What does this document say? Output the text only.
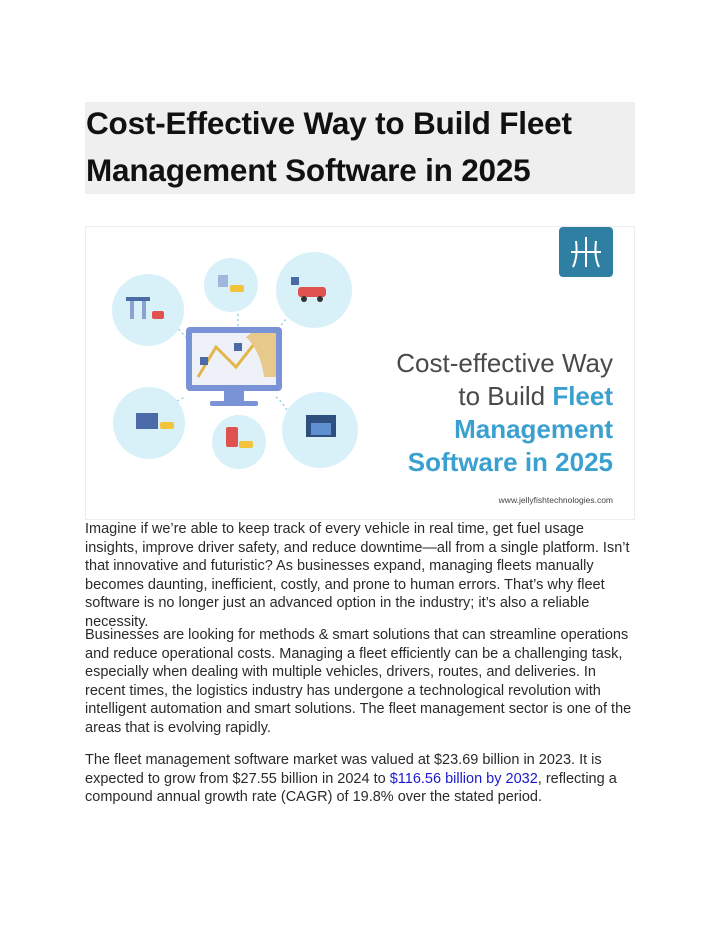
Cost-Effective Way to Build Fleet Management Software in 2025
Cost-effective Way
to Build Fleet
Management
Software in 2025
www.jellyfishtechnologies.com

Imagine if we’re able to keep track of every vehicle in real time, get fuel usage insights, improve driver safety, and reduce downtime—all from a single platform. Isn’t that innovative and futuristic? As businesses expand, managing fleets manually becomes daunting, inefficient, costly, and prone to human errors. That’s why fleet software is no longer just an advanced option in the industry; it’s also a reliable necessity.

Businesses are looking for methods & smart solutions that can streamline operations and reduce operational costs. Managing a fleet efficiently can be a challenging task, especially when dealing with multiple vehicles, drivers, routes, and deliveries. In recent times, the logistics industry has undergone a technological revolution with intelligent automation and smart solutions. The fleet management sector is one of the areas that is evolving rapidly.

The fleet management software market was valued at $23.69 billion in 2023. It is expected to grow from $27.55 billion in 2024 to $116.56 billion by 2032, reflecting a compound annual growth rate (CAGR) of 19.8% over the stated period.
